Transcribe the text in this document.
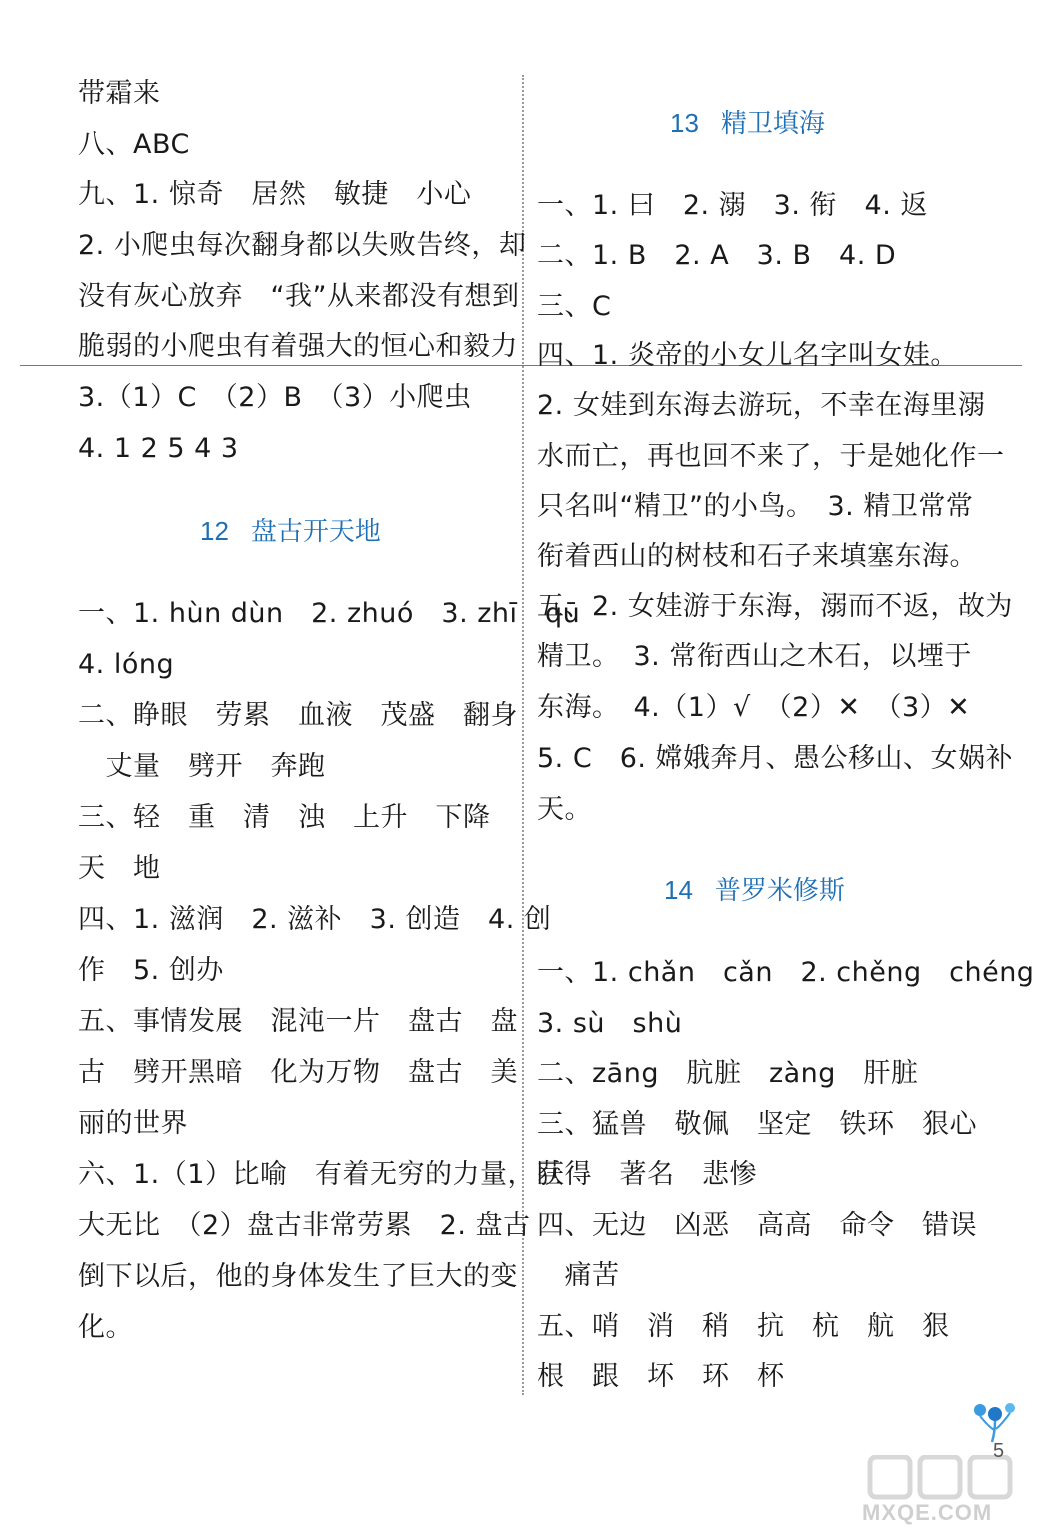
带霜来
八、ABC
九、1. 惊奇　居然　敏捷　小心
2. 小爬虫每次翻身都以失败告终，却
没有灰心放弃　“我”从来都没有想到
脆弱的小爬虫有着强大的恒心和毅力
3.（1）C　（2）B　（3）小爬虫
4. 1 2 5 4 3
12 盘古开天地
一、1. hùn dùn　2. zhuó　3. zhī　qū
4. lóng
二、睁眼　劳累　血液　茂盛　翻身
　丈量　劈开　奔跑
三、轻　重　清　浊　上升　下降
天　地
四、1. 滋润　2. 滋补　3. 创造　4. 创
作　5. 创办
五、事情发展　混沌一片　盘古　盘
古　劈开黑暗　化为万物　盘古　美
丽的世界
六、1.（1）比喻　有着无穷的力量，巨
大无比　（2）盘古非常劳累　2. 盘古
倒下以后，他的身体发生了巨大的变
化。
13 精卫填海
一、1. 曰　2. 溺　3. 衔　4. 返
二、1. B　2. A　3. B　4. D
三、C
四、1. 炎帝的小女儿名字叫女娃。
2. 女娃到东海去游玩，不幸在海里溺
水而亡，再也回不来了，于是她化作一
只名叫“精卫”的小鸟。　3. 精卫常常
衔着西山的树枝和石子来填塞东海。
五、2. 女娃游于东海，溺而不返，故为
精卫。　3. 常衔西山之木石，以堙于
东海。　4.（1）√　（2）✕　（3）✕
5. C　6. 嫦娥奔月、愚公移山、女娲补
天。
14 普罗米修斯
一、1. chǎn　cǎn　2. chěng　chéng
3. sù　shù
二、zāng　肮脏　zàng　肝脏
三、猛兽　敬佩　坚定　铁环　狠心
获得　著名　悲惨
四、无边　凶恶　高高　命令　错误
　痛苦
五、哨　消　稍　抗　杭　航　狠
根　跟　坏　环　杯
5
MXQE.COM
